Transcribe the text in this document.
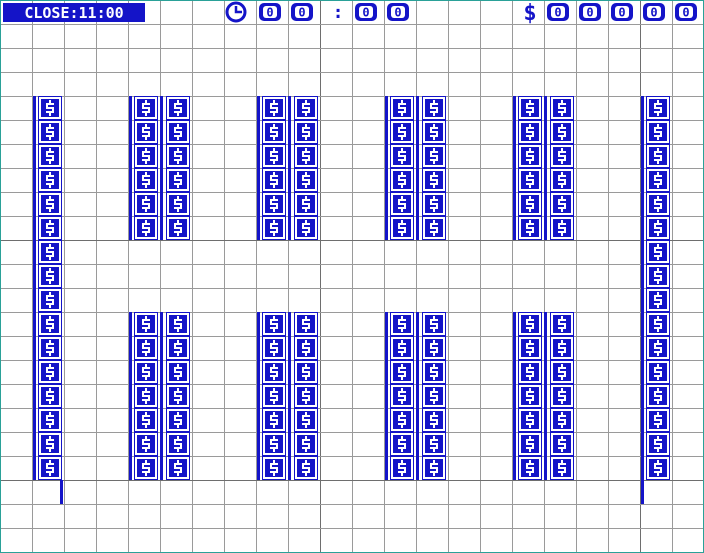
CLOSE:11:00	0 0 : 0 0	$ 0 0 0 0 0
